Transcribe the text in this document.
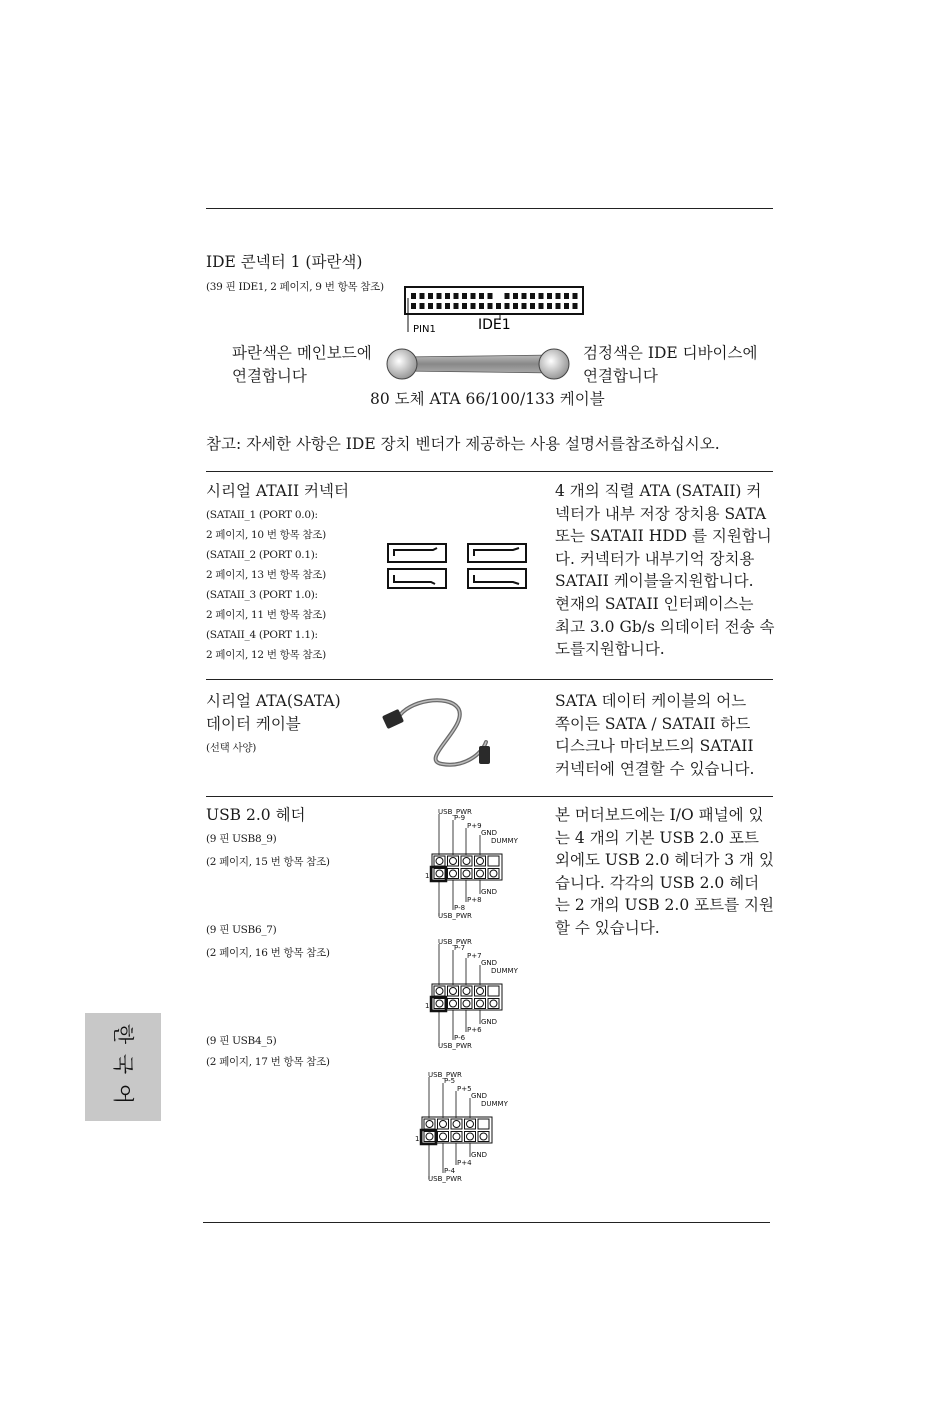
IDE 콘넥터 1 (파란색)
(39 핀 IDE1, 2 페이지, 9 번 항목 참조)
PIN1	IDE1
파란색은 메인보드에
연결합니다
검정색은 IDE 디바이스에
연결합니다
80 도체 ATA 66/100/133 케이블
참고: 자세한 사항은 IDE 장치 벤더가 제공하는 사용 설명서를참조하십시오.
시리얼 ATAII 커넥터
(SATAII_1 (PORT 0.0):
2 페이지, 10 번 항목 참조)
(SATAII_2 (PORT 0.1):
2 페이지, 13 번 항목 참조)
(SATAII_3 (PORT 1.0):
2 페이지, 11 번 항목 참조)
(SATAII_4 (PORT 1.1):
2 페이지, 12 번 항목 참조)
4 개의 직렬 ATA (SATAII) 커
넥터가 내부 저장 장치용 SATA
또는 SATAII HDD 를 지원합니
다. 커넥터가 내부기억 장치용
SATAII 케이블을지원합니다.
현재의 SATAII 인터페이스는
최고 3.0 Gb/s 의데이터 전송 속
도를지원합니다.
시리얼 ATA(SATA)
데이터 케이블
(선택 사양)
SATA 데이터 케이블의 어느
쪽이든 SATA / SATAII 하드
디스크나 마더보드의 SATAII
커넥터에 연결할 수 있습니다.
USB 2.0 헤더
(9 핀 USB8_9)
(2 페이지, 15 번 항목 참조)
(9 핀 USB6_7)
(2 페이지, 16 번 항목 참조)
(9 핀 USB4_5)
(2 페이지, 17 번 항목 참조)
USB_PWR
P-9
P+9
GND
DUMMY
1
GND
P+8
P-8
USB_PWR
USB_PWR
P-7
P+7
GND
DUMMY
1
GND
P+6
P-6
USB_PWR
USB_PWR
P-5
P+5
GND
DUMMY
1
GND
P+4
P-4
USB_PWR
본 머더보드에는 I/O 패널에 있
는 4 개의 기본 USB 2.0 포트
외에도 USB 2.0 헤더가 3 개 있
습니다. 각각의 USB 2.0 헤더
는 2 개의 USB 2.0 포트를 지원
할 수 있습니다.
한
국
어
